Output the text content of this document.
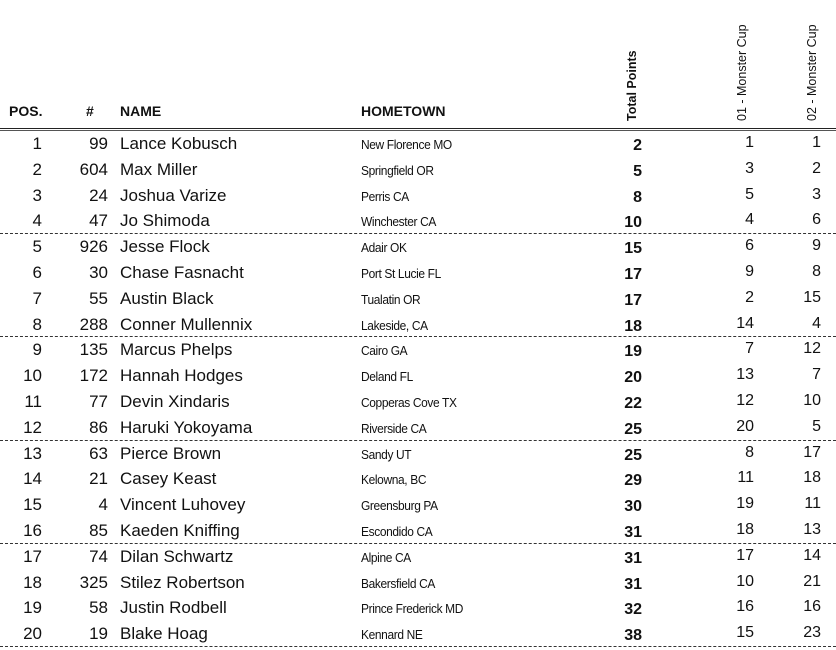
POS.	# NAME	HOMETOWN	Total Points	01 - Monster Cup	02 - Monster Cup
1	99 Lance Kobusch	New Florence MO	2	1	1
2	604 Max Miller	Springfield OR	5	3	2
3	24 Joshua Varize	Perris CA	8	5	3
4	47 Jo Shimoda	Winchester CA	10	4	6
5	926 Jesse Flock	Adair OK	15	6	9
6	30 Chase Fasnacht	Port St Lucie FL	17	9	8
7	55 Austin Black	Tualatin OR	17	2	15
8	288 Conner Mullennix	Lakeside, CA	18	14	4
9	135 Marcus Phelps	Cairo GA	19	7	12
10	172 Hannah Hodges	Deland FL	20	13	7
11	77 Devin Xindaris	Copperas Cove TX	22	12	10
12	86 Haruki Yokoyama	Riverside CA	25	20	5
13	63 Pierce Brown	Sandy UT	25	8	17
14	21 Casey Keast	Kelowna, BC	29	11	18
15	4 Vincent Luhovey	Greensburg PA	30	19	11
16	85 Kaeden Kniffing	Escondido CA	31	18	13
17	74 Dilan Schwartz	Alpine CA	31	17	14
18	325 Stilez Robertson	Bakersfield CA	31	10	21
19	58 Justin Rodbell	Prince Frederick MD	32	16	16
20	19 Blake Hoag	Kennard NE	38	15	23
